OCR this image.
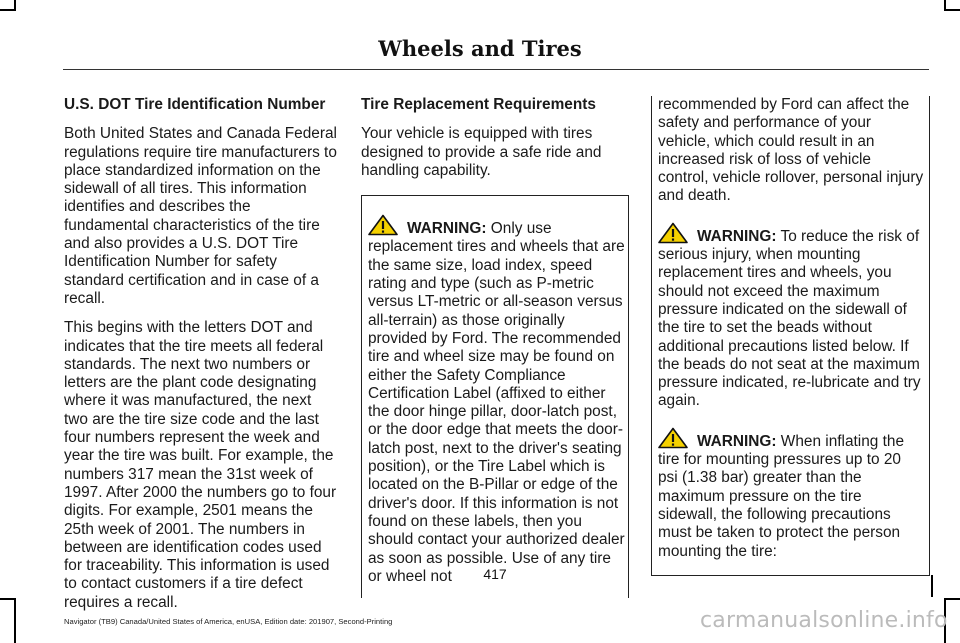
Wheels and Tires
U.S. DOT Tire Identification Number

Both United States and Canada Federal regulations require tire manufacturers to place standardized information on the sidewall of all tires. This information identifies and describes the fundamental characteristics of the tire and also provides a U.S. DOT Tire Identification Number for safety standard certification and in case of a recall.

This begins with the letters DOT and indicates that the tire meets all federal standards. The next two numbers or letters are the plant code designating where it was manufactured, the next two are the tire size code and the last four numbers represent the week and year the tire was built. For example, the numbers 317 mean the 31st week of 1997. After 2000 the numbers go to four digits. For example, 2501 means the 25th week of 2001. The numbers in between are identification codes used for traceability. This information is used to contact customers if a tire defect requires a recall.

Tire Replacement Requirements

Your vehicle is equipped with tires designed to provide a safe ride and handling capability.

WARNING: Only use replacement tires and wheels that are the same size, load index, speed rating and type (such as P-metric versus LT-metric or all-season versus all-terrain) as those originally provided by Ford. The recommended tire and wheel size may be found on either the Safety Compliance Certification Label (affixed to either the door hinge pillar, door-latch post, or the door edge that meets the door-latch post, next to the driver's seating position), or the Tire Label which is located on the B-Pillar or edge of the driver's door. If this information is not found on these labels, then you should contact your authorized dealer as soon as possible. Use of any tire or wheel not

recommended by Ford can affect the safety and performance of your vehicle, which could result in an increased risk of loss of vehicle control, vehicle rollover, personal injury and death.

WARNING: To reduce the risk of serious injury, when mounting replacement tires and wheels, you should not exceed the maximum pressure indicated on the sidewall of the tire to set the beads without additional precautions listed below. If the beads do not seat at the maximum pressure indicated, re-lubricate and try again.
WARNING: When inflating the tire for mounting pressures up to 20 psi (1.38 bar) greater than the maximum pressure on the tire sidewall, the following precautions must be taken to protect the person mounting the tire:
417
Navigator (TB9) Canada/United States of America, enUSA, Edition date: 201907, Second-Printing	carmanualsonline.info
